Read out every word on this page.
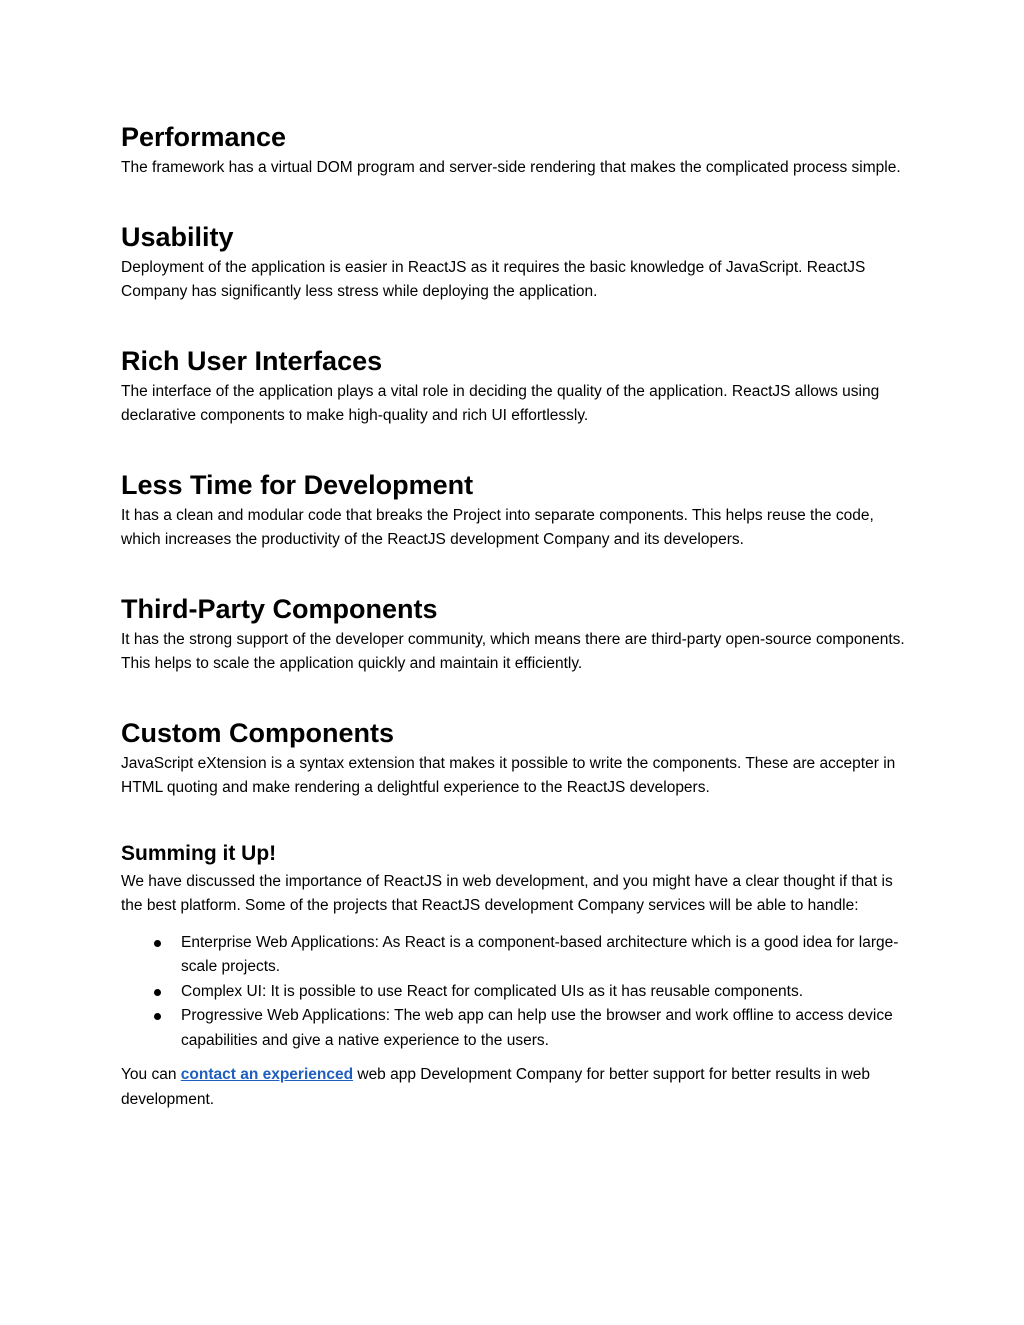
Performance

The framework has a virtual DOM program and server-side rendering that makes the complicated process simple.

Usability

Deployment of the application is easier in ReactJS as it requires the basic knowledge of JavaScript. ReactJS Company has significantly less stress while deploying the application.

Rich User Interfaces

The interface of the application plays a vital role in deciding the quality of the application. ReactJS allows using declarative components to make high-quality and rich UI effortlessly.

Less Time for Development

It has a clean and modular code that breaks the Project into separate components. This helps reuse the code, which increases the productivity of the ReactJS development Company and its developers.

Third-Party Components

It has the strong support of the developer community, which means there are third-party open-source components. This helps to scale the application quickly and maintain it efficiently.

Custom Components

JavaScript eXtension is a syntax extension that makes it possible to write the components. These are accepter in HTML quoting and make rendering a delightful experience to the ReactJS developers.

Summing it Up!

We have discussed the importance of ReactJS in web development, and you might have a clear thought if that is the best platform. Some of the projects that ReactJS development Company services will be able to handle:

Enterprise Web Applications: As React is a component-based architecture which is a good idea for large-scale projects.
Complex UI: It is possible to use React for complicated UIs as it has reusable components.
Progressive Web Applications: The web app can help use the browser and work offline to access device capabilities and give a native experience to the users.

You can contact an experienced web app Development Company for better support for better results in web development.
